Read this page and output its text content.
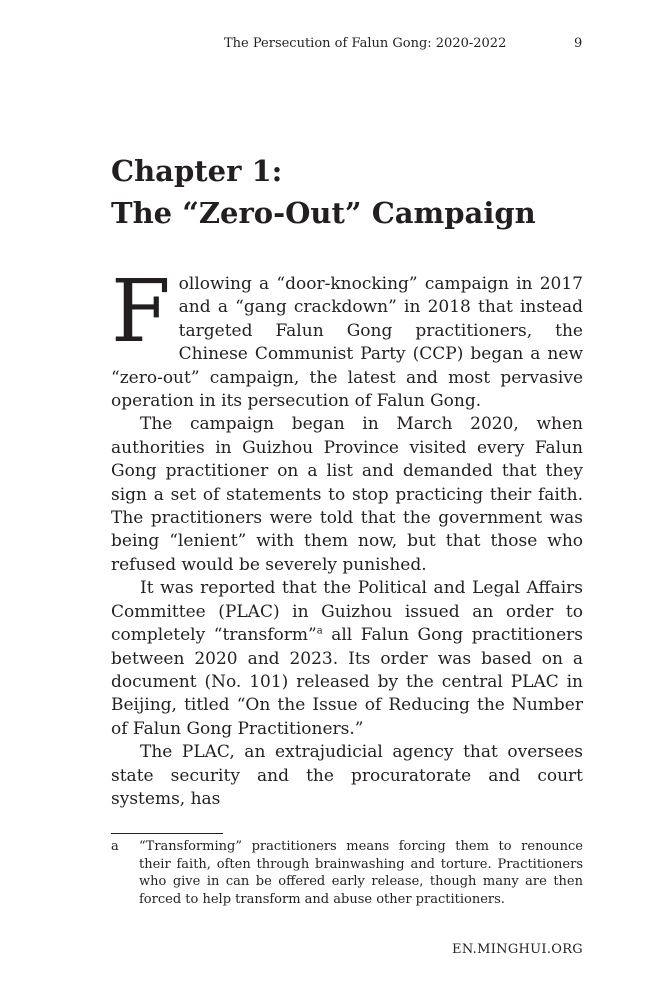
The Persecution of Falun Gong: 2020-2022	9
Chapter 1:
The “Zero-Out” Campaign

Following a “door-knocking” campaign in 2017 and a “gang crackdown” in 2018 that instead targeted Falun Gong practitioners, the Chinese Communist Party (CCP) began a new “zero-out” campaign, the latest and most pervasive operation in its persecution of Falun Gong.

The campaign began in March 2020, when authorities in Guizhou Province visited every Falun Gong practitioner on a list and demanded that they sign a set of statements to stop practicing their faith. The practitioners were told that the government was being “lenient” with them now, but that those who refused would be severely punished.

It was reported that the Political and Legal Affairs Committee (PLAC) in Guizhou issued an order to completely “transform”$^a$ all Falun Gong practitioners between 2020 and 2023. Its order was based on a document (No. 101) released by the central PLAC in Beijing, titled “On the Issue of Reducing the Number of Falun Gong Practitioners.”

The PLAC, an extrajudicial agency that oversees state security and the procuratorate and court systems, has

a “Transforming” practitioners means forcing them to renounce their faith, often through brainwashing and torture. Practitioners who give in can be offered early release, though many are then forced to help transform and abuse other practitioners.
EN.MINGHUI.ORG
